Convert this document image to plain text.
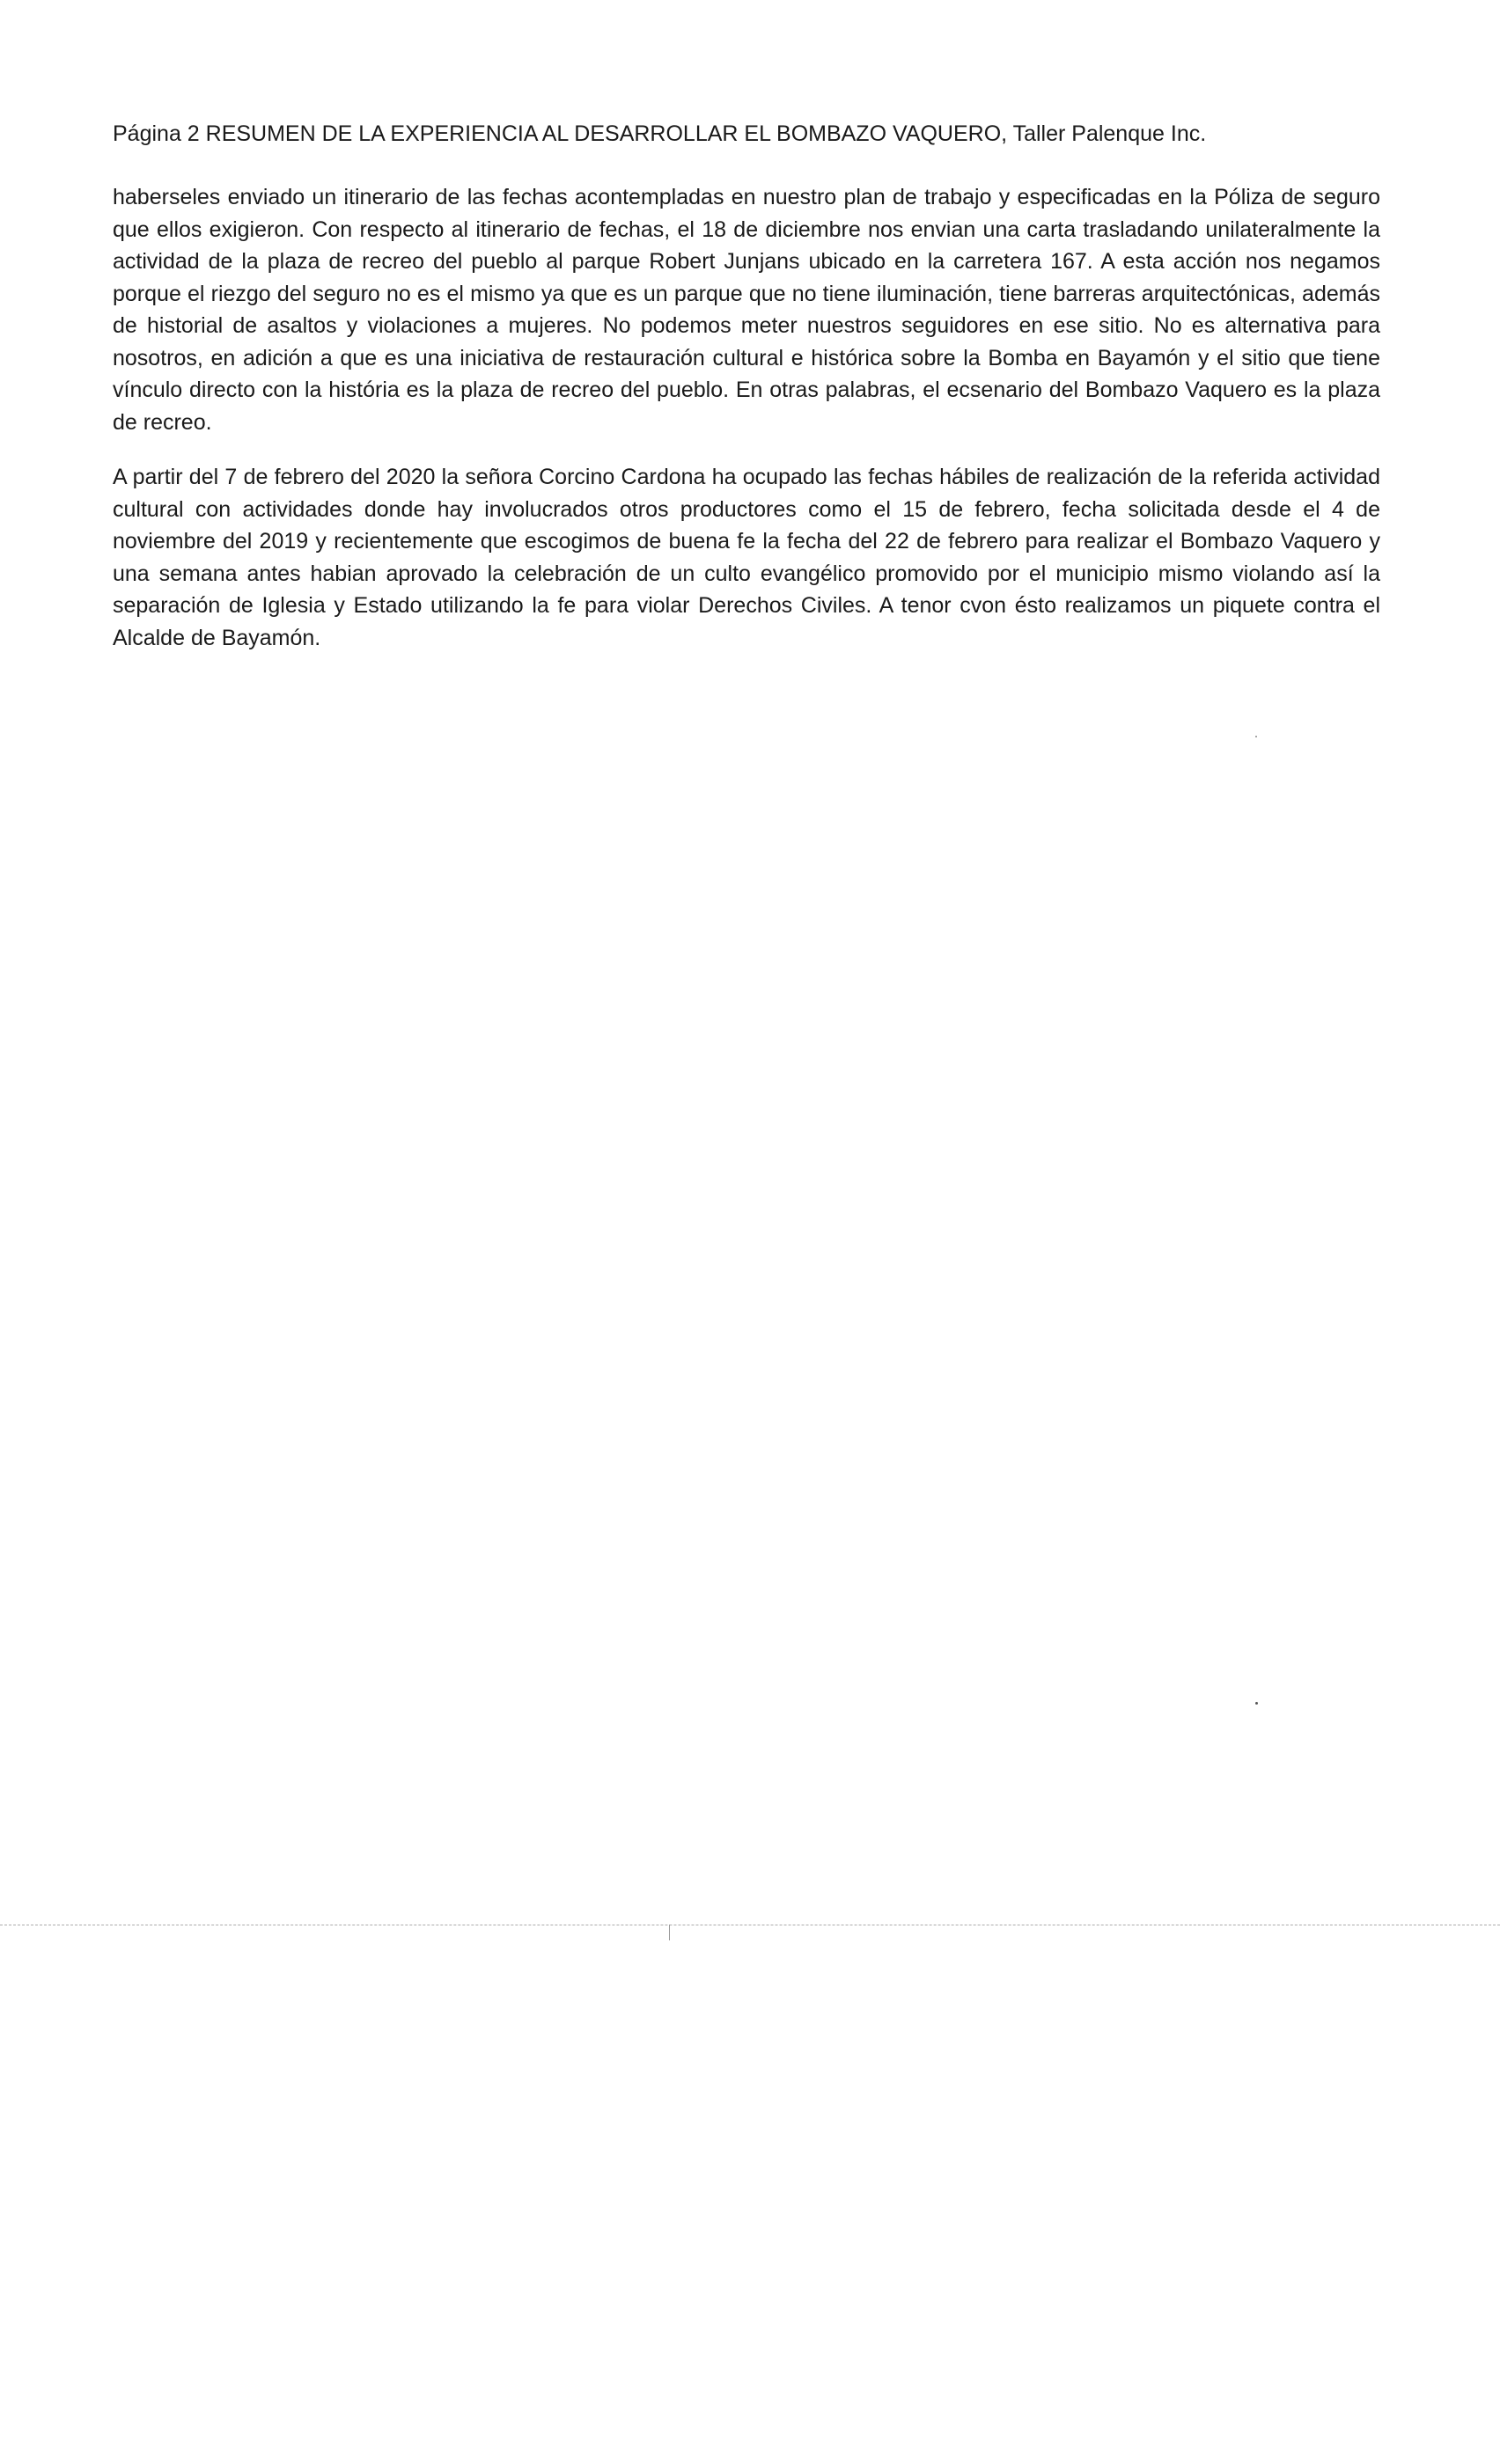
Página 2 RESUMEN DE LA EXPERIENCIA AL DESARROLLAR EL BOMBAZO VAQUERO, Taller Palenque Inc.

haberseles enviado un itinerario de las fechas acontempladas en nuestro plan de trabajo y especificadas en la Póliza de seguro que ellos exigieron. Con respecto al itinerario de fechas, el 18 de diciembre nos envian una carta trasladando unilateralmente la actividad de la plaza de recreo del pueblo al parque Robert Junjans ubicado en la carretera 167. A esta acción nos negamos porque el riezgo del seguro no es el mismo ya que es un parque que no tiene iluminación, tiene barreras arquitectónicas, además de historial de asaltos y violaciones a mujeres. No podemos meter nuestros seguidores en ese sitio. No es alternativa para nosotros, en adición a que es una iniciativa de restauración cultural e histórica sobre la Bomba en Bayamón y el sitio que tiene vínculo directo con la história es la plaza de recreo del pueblo. En otras palabras, el ecsenario del Bombazo Vaquero es la plaza de recreo.

A partir del 7 de febrero del 2020 la señora Corcino Cardona ha ocupado las fechas hábiles de realización de la referida actividad cultural con actividades donde hay involucrados otros productores como el 15 de febrero, fecha solicitada desde el 4 de noviembre del 2019 y recientemente que escogimos de buena fe la fecha del 22 de febrero para realizar el Bombazo Vaquero y una semana antes habian aprovado la celebración de un culto evangélico promovido por el municipio mismo violando así la separación de Iglesia y Estado utilizando la fe para violar Derechos Civiles. A tenor cvon ésto realizamos un piquete contra el Alcalde de Bayamón.
